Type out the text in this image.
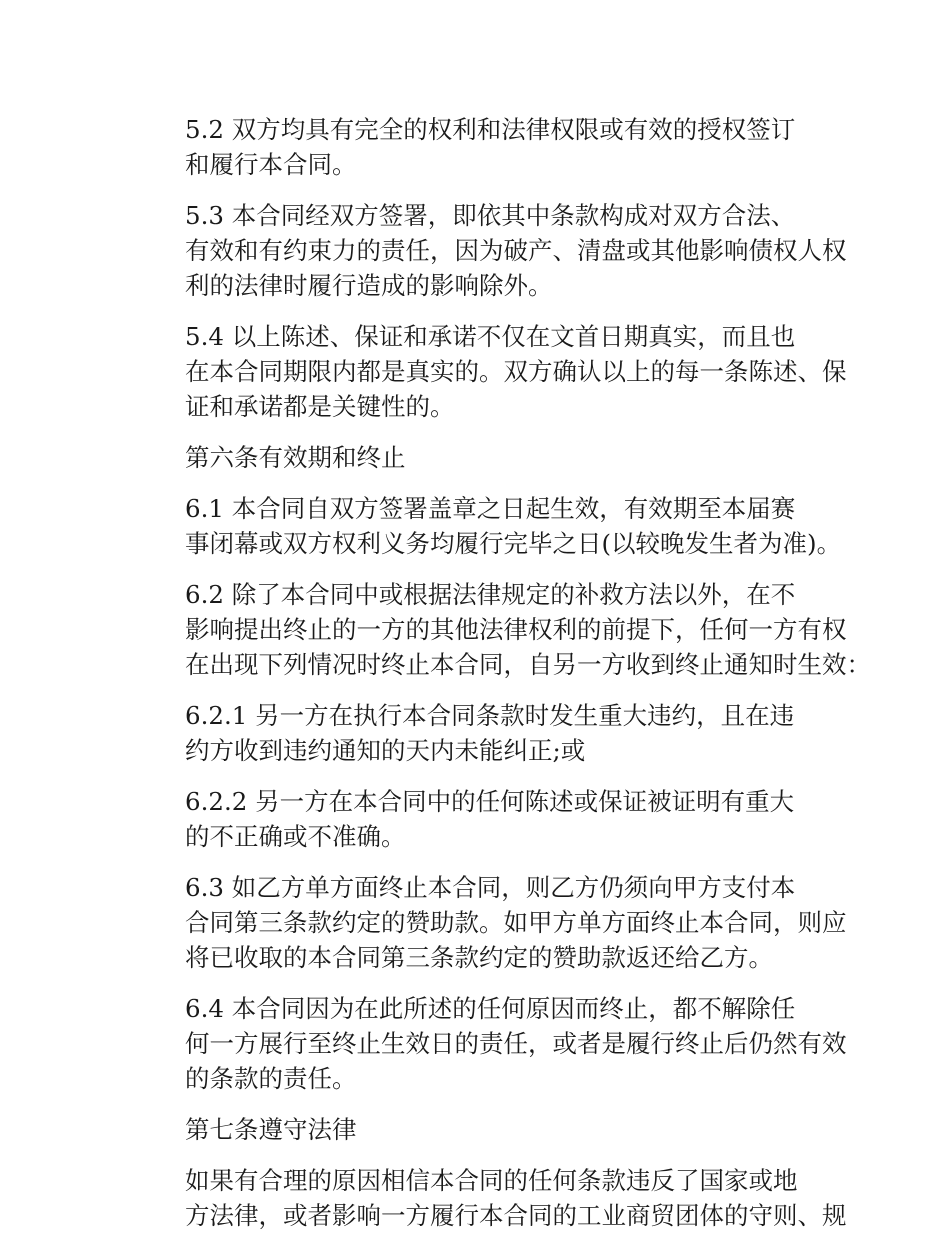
5.2 双方均具有完全的权利和法律权限或有效的授权签订
和履行本合同。

5.3 本合同经双方签署，即依其中条款构成对双方合法、
有效和有约束力的责任，因为破产、清盘或其他影响债权人权
利的法律时履行造成的影响除外。

5.4 以上陈述、保证和承诺不仅在文首日期真实，而且也
在本合同期限内都是真实的。双方确认以上的每一条陈述、保
证和承诺都是关键性的。

第六条有效期和终止

6.1 本合同自双方签署盖章之日起生效，有效期至本届赛
事闭幕或双方权利义务均履行完毕之日(以较晚发生者为准)。

6.2 除了本合同中或根据法律规定的补救方法以外，在不
影响提出终止的一方的其他法律权利的前提下，任何一方有权
在出现下列情况时终止本合同，自另一方收到终止通知时生效：

6.2.1 另一方在执行本合同条款时发生重大违约，且在违
约方收到违约通知的天内未能纠正;或

6.2.2 另一方在本合同中的任何陈述或保证被证明有重大
的不正确或不准确。

6.3 如乙方单方面终止本合同，则乙方仍须向甲方支付本
合同第三条款约定的赞助款。如甲方单方面终止本合同，则应
将已收取的本合同第三条款约定的赞助款返还给乙方。

6.4 本合同因为在此所述的任何原因而终止，都不解除任
何一方展行至终止生效日的责任，或者是履行终止后仍然有效
的条款的责任。

第七条遵守法律

如果有合理的原因相信本合同的任何条款违反了国家或地
方法律，或者影响一方履行本合同的工业商贸团体的守则、规
